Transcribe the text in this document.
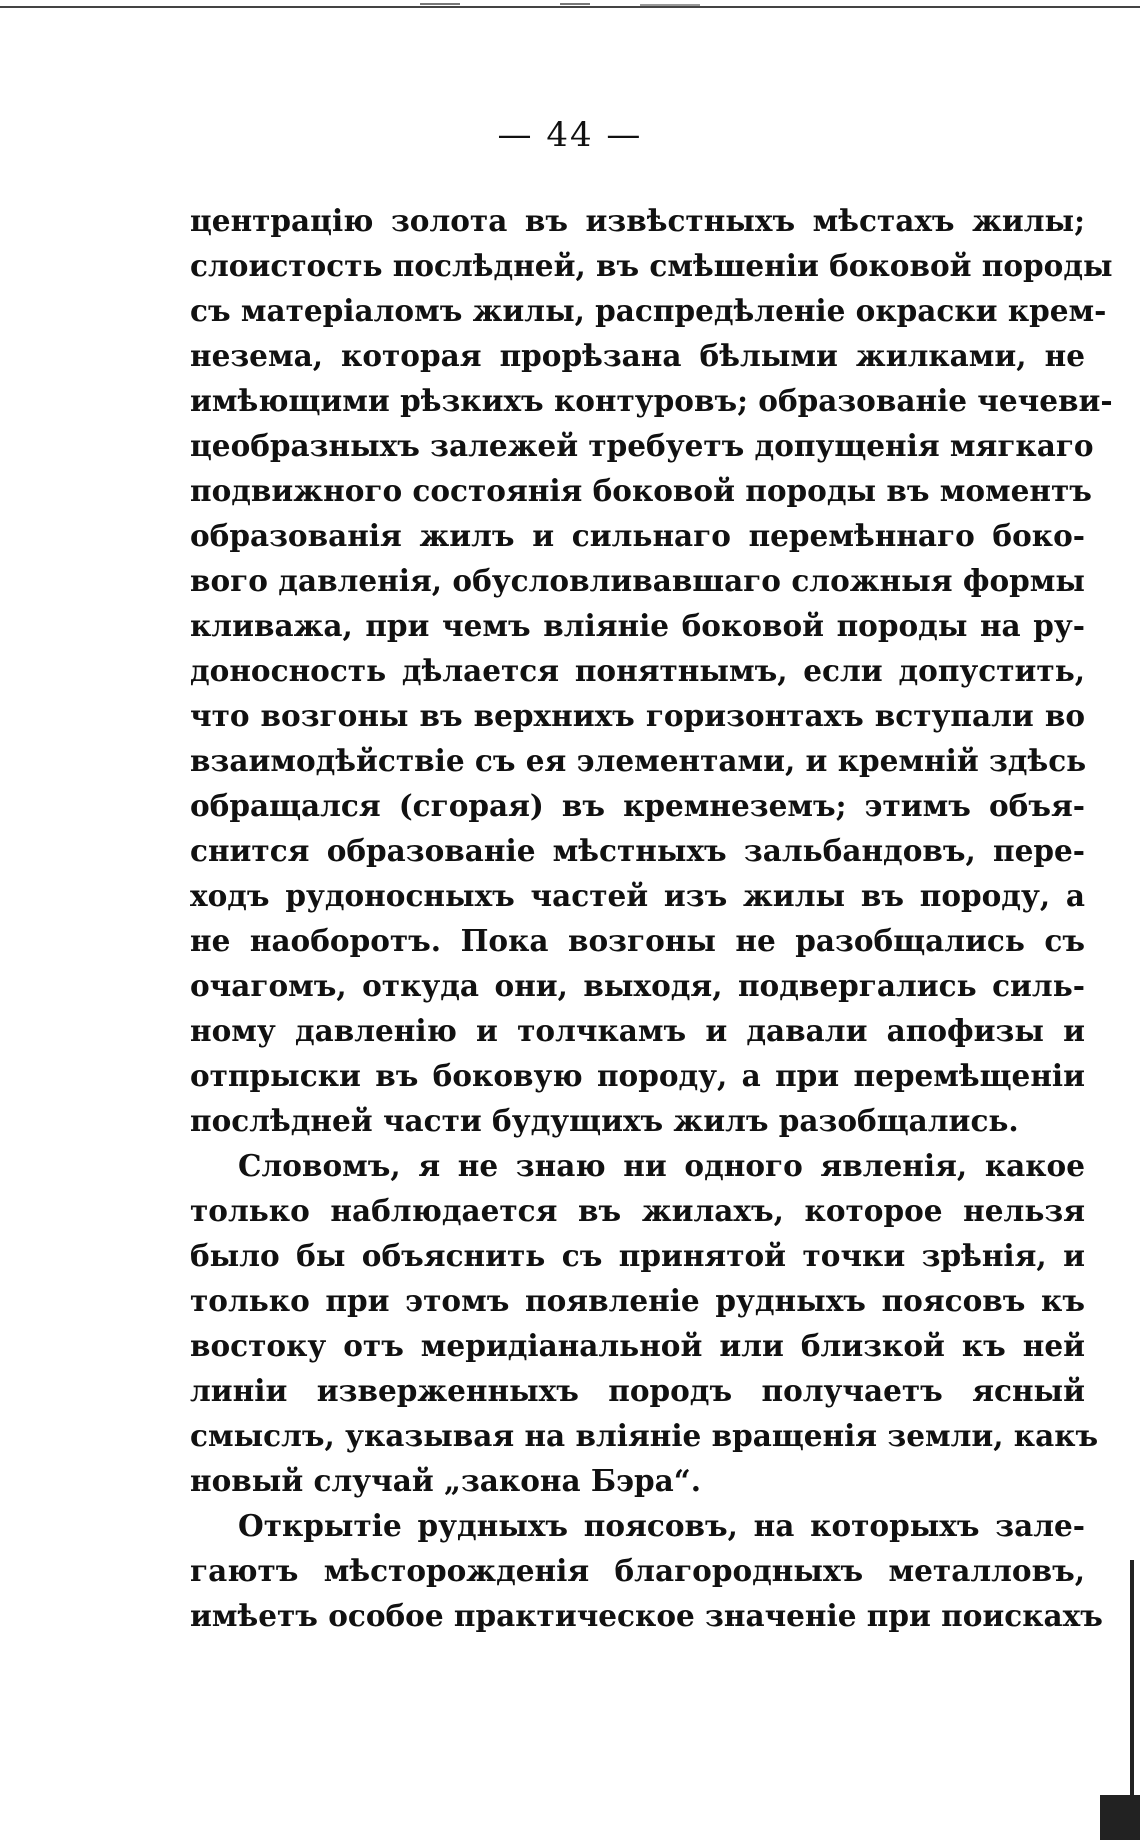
— 44 —
центрацію золота въ извѣстныхъ мѣстахъ жилы;
слоистость послѣдней, въ смѣшеніи боковой породы
съ матеріаломъ жилы, распредѣленіе окраски крем-
незема, которая прорѣзана бѣлыми жилками, не
имѣющими рѣзкихъ контуровъ; образованіе чечеви-
цеобразныхъ залежей требуетъ допущенія мягкаго
подвижного состоянія боковой породы въ моментъ
образованія жилъ и сильнаго перемѣннаго боко-
вого давленія, обусловливавшаго сложныя формы
кливажа, при чемъ вліяніе боковой породы на ру-
доносность дѣлается понятнымъ, если допустить,
что возгоны въ верхнихъ горизонтахъ вступали во
взаимодѣйствіе съ ея элементами, и кремній здѣсь
обращался (сгорая) въ кремнеземъ; этимъ объя-
снится образованіе мѣстныхъ зальбандовъ, пере-
ходъ рудоносныхъ частей изъ жилы въ породу, а
не наоборотъ. Пока возгоны не разобщались съ
очагомъ, откуда они, выходя, подвергались силь-
ному давленію и толчкамъ и давали апофизы и
отпрыски въ боковую породу, а при перемѣщеніи
послѣдней части будущихъ жилъ разобщались.
Словомъ, я не знаю ни одного явленія, какое
только наблюдается въ жилахъ, которое нельзя
было бы объяснить съ принятой точки зрѣнія, и
только при этомъ появленіе рудныхъ поясовъ къ
востоку отъ меридіанальной или близкой къ ней
линіи изверженныхъ породъ получаетъ ясный
смыслъ, указывая на вліяніе вращенія земли, какъ
новый случай „закона Бэра“.
Открытіе рудныхъ поясовъ, на которыхъ зале-
гаютъ мѣсторожденія благородныхъ металловъ,
имѣетъ особое практическое значеніе при поискахъ
